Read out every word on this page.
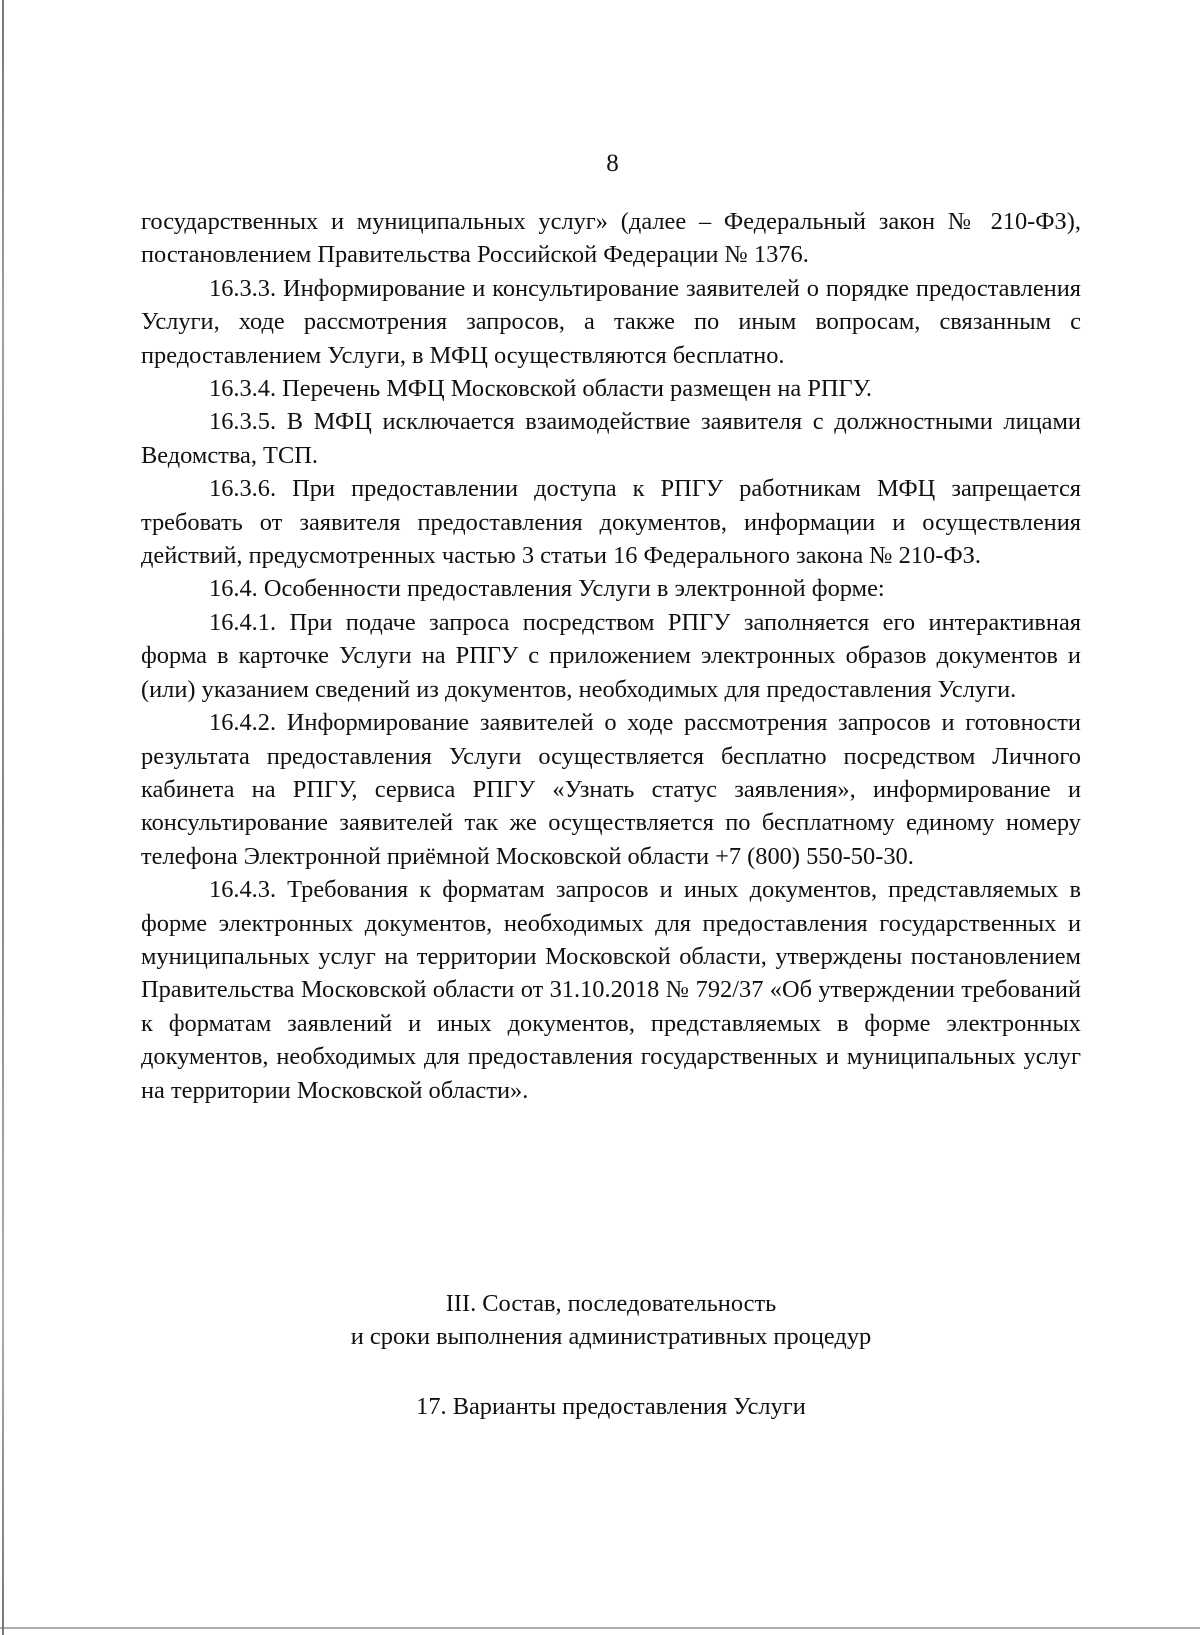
8

государственных и муниципальных услуг» (далее – Федеральный закон № 210-ФЗ), постановлением Правительства Российской Федерации № 1376.

16.3.3. Информирование и консультирование заявителей о порядке предоставления Услуги, ходе рассмотрения запросов, а также по иным вопросам, связанным с предоставлением Услуги, в МФЦ осуществляются бесплатно.

16.3.4. Перечень МФЦ Московской области размещен на РПГУ.

16.3.5. В МФЦ исключается взаимодействие заявителя с должностными лицами Ведомства, ТСП.

16.3.6. При предоставлении доступа к РПГУ работникам МФЦ запрещается требовать от заявителя предоставления документов, информации и осуществления действий, предусмотренных частью 3 статьи 16 Федерального закона № 210-ФЗ.

16.4. Особенности предоставления Услуги в электронной форме:

16.4.1. При подаче запроса посредством РПГУ заполняется его интерактивная форма в карточке Услуги на РПГУ с приложением электронных образов документов и (или) указанием сведений из документов, необходимых для предоставления Услуги.

16.4.2. Информирование заявителей о ходе рассмотрения запросов и готовности результата предоставления Услуги осуществляется бесплатно посредством Личного кабинета на РПГУ, сервиса РПГУ «Узнать статус заявления», информирование и консультирование заявителей так же осуществляется по бесплатному единому номеру телефона Электронной приёмной Московской области +7 (800) 550-50-30.

16.4.3. Требования к форматам запросов и иных документов, представляемых в форме электронных документов, необходимых для предоставления государственных и муниципальных услуг на территории Московской области, утверждены постановлением Правительства Московской области от 31.10.2018 № 792/37 «Об утверждении требований к форматам заявлений и иных документов, представляемых в форме электронных документов, необходимых для предоставления государственных и муниципальных услуг на территории Московской области».

III. Состав, последовательность
и сроки выполнения административных процедур
17. Варианты предоставления Услуги
